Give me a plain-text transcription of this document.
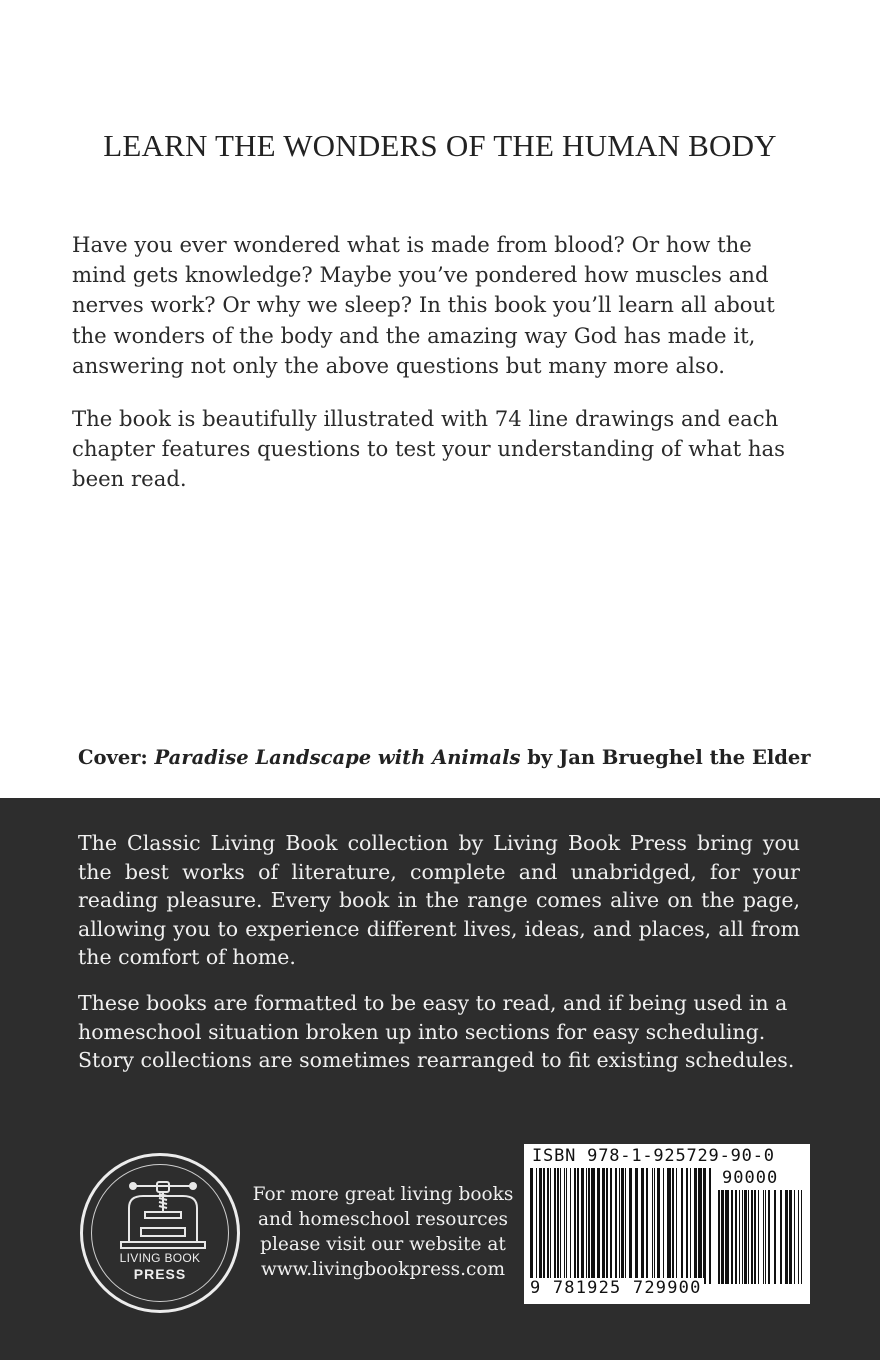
LEARN THE WONDERS OF THE HUMAN BODY

Have you ever wondered what is made from blood? Or how the mind gets knowledge? Maybe you’ve pondered how muscles and nerves work? Or why we sleep? In this book you’ll learn all about the wonders of the body and the amazing way God has made it, answering not only the above questions but many more also.

The book is beautifully illustrated with 74 line drawings and each chapter features questions to test your understanding of what has been read.

Cover: Paradise Landscape with Animals by Jan Brueghel the Elder

The Classic Living Book collection by Living Book Press bring you the best works of literature, complete and unabridged, for your reading pleasure. Every book in the range comes alive on the page, allowing you to experience different lives, ideas, and places, all from the comfort of home.

These books are formatted to be easy to read, and if being used in a homeschool situation broken up into sections for easy scheduling. Story collections are sometimes rearranged to fit existing schedules.

LIVING BOOK
PRESS
For more great living books
and homeschool resources
please visit our website at
www.livingbookpress.com
ISBN 978-1-925729-90-0
90000
9 781925 729900
